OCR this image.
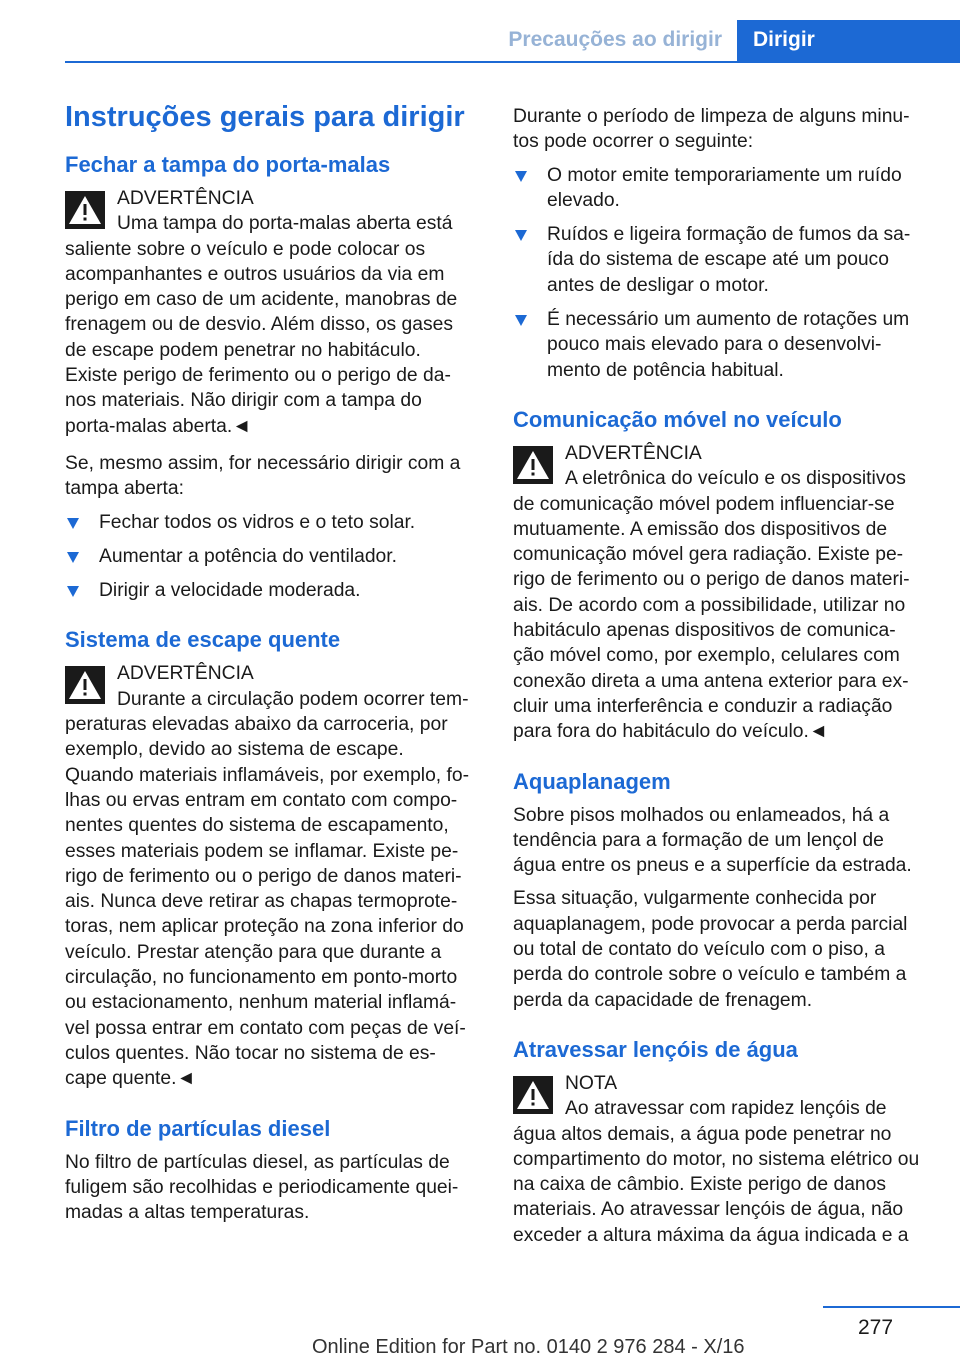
Precauções ao dirigir	Dirigir
Instruções gerais para dirigir
Fechar a tampa do porta-malas
ADVERTÊNCIA
Uma tampa do porta-malas aberta está saliente sobre o veículo e pode colocar os acompanhantes e outros usuários da via em perigo em caso de um acidente, manobras de frenagem ou de desvio. Além disso, os gases de escape podem penetrar no habitáculo. Existe perigo de ferimento ou o perigo de da-nos materiais. Não dirigir com a tampa do porta-malas aberta.◄

Se, mesmo assim, for necessário dirigir com a tampa aberta:

Fechar todos os vidros e o teto solar.
Aumentar a potência do ventilador.
Dirigir a velocidade moderada.
Sistema de escape quente
ADVERTÊNCIA
Durante a circulação podem ocorrer tem-peraturas elevadas abaixo da carroceria, por exemplo, devido ao sistema de escape. Quando materiais inflamáveis, por exemplo, fo-lhas ou ervas entram em contato com compo-nentes quentes do sistema de escapamento, esses materiais podem se inflamar. Existe pe-rigo de ferimento ou o perigo de danos materi-ais. Nunca deve retirar as chapas termoprote-toras, nem aplicar proteção na zona inferior do veículo. Prestar atenção para que durante a circulação, no funcionamento em ponto-morto ou estacionamento, nenhum material inflamá-vel possa entrar em contato com peças de veí-culos quentes. Não tocar no sistema de es-cape quente.◄
Filtro de partículas diesel

No filtro de partículas diesel, as partículas de fuligem são recolhidas e periodicamente quei-madas a altas temperaturas.

Durante o período de limpeza de alguns minu-tos pode ocorrer o seguinte:

O motor emite temporariamente um ruído elevado.
Ruídos e ligeira formação de fumos da sa-ída do sistema de escape até um pouco antes de desligar o motor.
É necessário um aumento de rotações um pouco mais elevado para o desenvolvi-mento de potência habitual.
Comunicação móvel no veículo
ADVERTÊNCIA
A eletrônica do veículo e os dispositivos de comunicação móvel podem influenciar-se mutuamente. A emissão dos dispositivos de comunicação móvel gera radiação. Existe pe-rigo de ferimento ou o perigo de danos materi-ais. De acordo com a possibilidade, utilizar no habitáculo apenas dispositivos de comunica-ção móvel como, por exemplo, celulares com conexão direta a uma antena exterior para ex-cluir uma interferência e conduzir a radiação para fora do habitáculo do veículo.◄
Aquaplanagem

Sobre pisos molhados ou enlameados, há a tendência para a formação de um lençol de água entre os pneus e a superfície da estrada.

Essa situação, vulgarmente conhecida por aquaplanagem, pode provocar a perda parcial ou total de contato do veículo com o piso, a perda do controle sobre o veículo e também a perda da capacidade de frenagem.

Atravessar lençóis de água
NOTA
Ao atravessar com rapidez lençóis de água altos demais, a água pode penetrar no compartimento do motor, no sistema elétrico ou na caixa de câmbio. Existe perigo de danos materiais. Ao atravessar lençóis de água, não exceder a altura máxima da água indicada e a
277
Online Edition for Part no. 0140 2 976 284 - X/16
